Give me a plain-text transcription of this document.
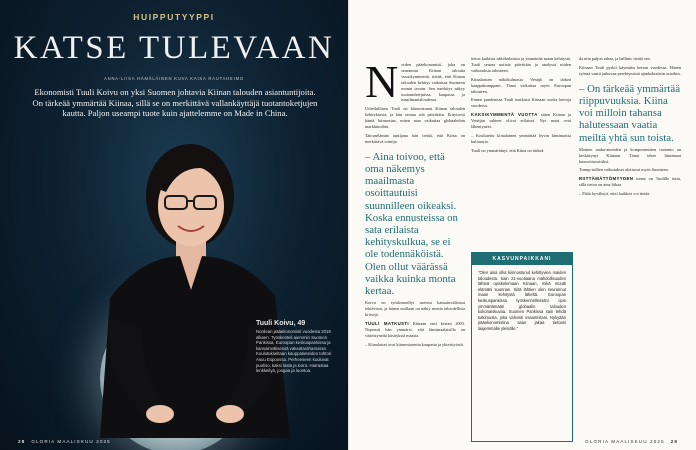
HUIPPUTYYPPI
KATSE TULEVAAN
ANNA-LIISA HÄMÄLÄINEN KUVA KAISA RAUTAHEIMO

Ekonomisti Tuuli Koivu on yksi Suomen johtavia Kiinan talouden asiantuntijoita. On tärkeää ymmärtää Kiinaa, sillä se on merkittävä vallankäyttäjä tuotantoketjujen kautta. Paljon useampi tuote kuin ajattelemme on Made in China.

Tuuli Koivu, 49
Nordean pääekonomisti vuodesta 2019 alkaen. Työskenteli aiemmin Suomen Pankissa, Euroopan keskuspankissa ja kansainvälisessä valuuttarahastossa. Koulutukseltaan kauppatieteiden tohtori. Asuu Espoossa. Perheeseen kuuluvat puoliso, kaksi lasta ja koira. Harrastaa lenkkeilyä, joogaa ja luontoa.
28 GLORIA MAALISKUU 2025

Norden pääekonomisti, joka on seurannut Kiinan taloutta vuosikymmeniä, tietää, että Kiinan talouden kehitys vaikuttaa Suomeen monin tavoin. Sen merkitys näkyy tuotantoketjuissa, kaupassa ja maailmantaloudessa.

Urheilullinen Tuuli on kiinnostunut Kiinan talouden kehityksestä, ja hän seuraa sitä päivittäin. Erityisesti häntä kiinnostaa, miten maa vaikuttaa globaaleihin markkinoihin.

Talouselämän tuntijana hän tietää, että Kiina on merkittävä toimija.

– Aina toivoo, että oma näkemys maailmasta osoittautuisi suunnilleen oikeaksi. Koska ennusteissa on sata erilaista kehityskulkua, se ei ole todennäköistä. Olen ollut väärässä vaikka kuinka monta kertaa.

Koivu on työskennellyt useissa kansainvälisissä tehtävissä, ja hänen urallaan on nähty monia taloudellisia kriisejä.

TUULI MATKUSTI Kiinaan ensi kerran 2003. Nopeasti hän ymmärsi, että länsimaalaisilla on vääristyneitä käsityksiä maasta.

– Kiinalaiset ovat kiinnostuneita kaupasta ja yhteistyöstä.

tietoa kaikista näkökulmista ja ymmärtää maan kehitystä. Tuuli seuraa uutisia päivittäin ja analysoi niiden vaikutuksia talouteen.

Kiinalaisten näkökulmasta Venäjä on tärkeä kauppakumppani. Tämä vaikuttaa myös Euroopan talouteen.

Ennen pandemiaa Tuuli matkusti Kiinaan useita kertoja vuodessa.

KAKSIKYMMENTÄ VUOTTA sitten Kiinan ja Venäjän suhteet olivat erilaiset. Nyt maat ovat lähentyneet.

– Koulutettu kiinalainen ymmärtää hyvin länsimaista kulttuuria.

Tuuli on ymmärtänyt, että Kiina on tärkeä.

KASVUNPAIKKANI
"Olen aina ollut kiinnostunut kehittyvien maiden taloudesta. Sain 21-vuotiaana mahdollisuuden lähteä opiskelemaan Kiinaan, mikä muutti elämäni suunnan. Siitä lähtien olen seurannut maan kehitystä läheltä. Euroopan keskuspankissa työskennellessäni opin ymmärtämään globaalin talouden kokonaiskuvaa. Suomen Pankissa sain tehdä tutkimusta, joka vahvisti osaamistani. Nykyään pääekonomistina saan jakaa tietoani laajemmalle yleisölle."

da niin paljon rahaa, ja hallinto tietää sen.

Kiinaan Tuuli pyrkii käymään kerran vuodessa. Hänen työnsä vaatii jatkuvaa perehtymistä ajankohtaisiin asioihin.

– On tärkeää ymmärtää riippuvuuksia. Kiina voi milloin tahansa halutessaan vaatia meiltä yhtä sun toista.

Monien raaka-aineiden ja komponenttien tuotanto on keskittynyt Kiinaan. Tämä tekee länsimaat haavoittuvaisiksi.

Trump-tullien vaikutukset ulottuvat myös Suomeen.

RIITTÄMÄTTÖMYYDEN tunne on Tuulille tuttu, sillä tietoa on aina liikaa.

– Pitää hyväksyä, ettei kaikkea voi tietää.

GLORIA MAALISKUU 2025 29
